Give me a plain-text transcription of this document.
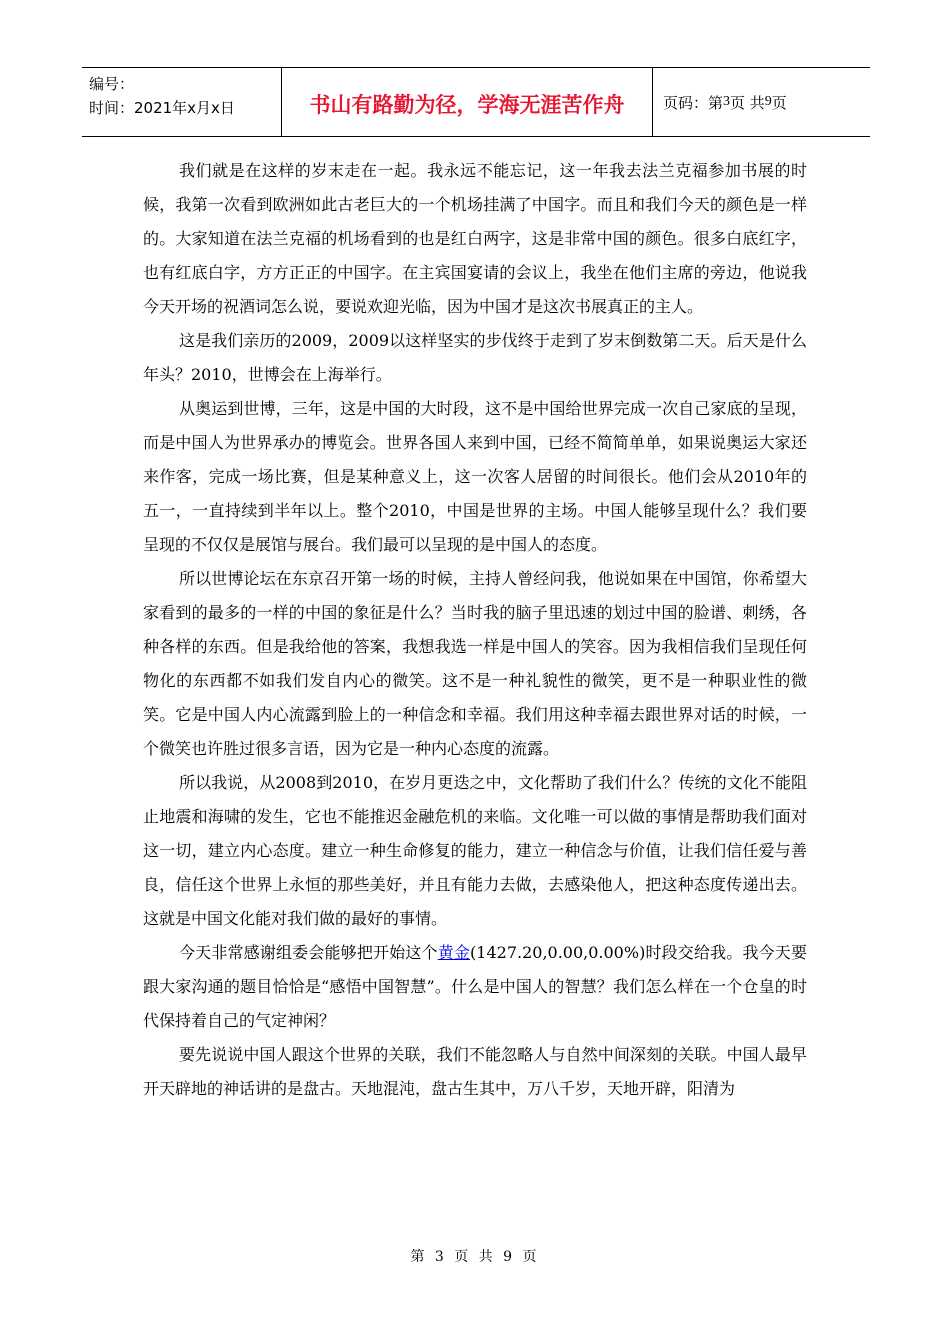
编号：
时间：2021年x月x日	书山有路勤为径，学海无涯苦作舟	页码：第 3 页 共 9 页

我们就是在这样的岁末走在一起。我永远不能忘记，这一年我去法兰克福参加书展的时候，我第一次看到欧洲如此古老巨大的一个机场挂满了中国字。而且和我们今天的颜色是一样的。大家知道在法兰克福的机场看到的也是红白两字，这是非常中国的颜色。很多白底红字，也有红底白字，方方正正的中国字。在主宾国宴请的会议上，我坐在他们主席的旁边，他说我今天开场的祝酒词怎么说，要说欢迎光临，因为中国才是这次书展真正的主人。

这是我们亲历的2009，2009以这样坚实的步伐终于走到了岁末倒数第二天。后天是什么年头？2010，世博会在上海举行。

从奥运到世博，三年，这是中国的大时段，这不是中国给世界完成一次自己家底的呈现，而是中国人为世界承办的博览会。世界各国人来到中国，已经不简简单单，如果说奥运大家还来作客，完成一场比赛，但是某种意义上，这一次客人居留的时间很长。他们会从2010年的五一，一直持续到半年以上。整个2010，中国是世界的主场。中国人能够呈现什么？我们要呈现的不仅仅是展馆与展台。我们最可以呈现的是中国人的态度。

所以世博论坛在东京召开第一场的时候，主持人曾经问我，他说如果在中国馆，你希望大家看到的最多的一样的中国的象征是什么？当时我的脑子里迅速的划过中国的脸谱、刺绣，各种各样的东西。但是我给他的答案，我想我选一样是中国人的笑容。因为我相信我们呈现任何物化的东西都不如我们发自内心的微笑。这不是一种礼貌性的微笑，更不是一种职业性的微笑。它是中国人内心流露到脸上的一种信念和幸福。我们用这种幸福去跟世界对话的时候，一个微笑也许胜过很多言语，因为它是一种内心态度的流露。

所以我说，从2008到2010，在岁月更迭之中，文化帮助了我们什么？传统的文化不能阻止地震和海啸的发生，它也不能推迟金融危机的来临。文化唯一可以做的事情是帮助我们面对这一切，建立内心态度。建立一种生命修复的能力，建立一种信念与价值，让我们信任爱与善良，信任这个世界上永恒的那些美好，并且有能力去做，去感染他人，把这种态度传递出去。这就是中国文化能对我们做的最好的事情。

今天非常感谢组委会能够把开始这个黄金(1427.20,0.00,0.00%)时段交给我。我今天要跟大家沟通的题目恰恰是“感悟中国智慧”。什么是中国人的智慧？我们怎么样在一个仓皇的时代保持着自己的气定神闲？

要先说说中国人跟这个世界的关联，我们不能忽略人与自然中间深刻的关联。中国人最早开天辟地的神话讲的是盘古。天地混沌，盘古生其中，万八千岁，天地开辟，阳清为

第 3 页 共 9 页
